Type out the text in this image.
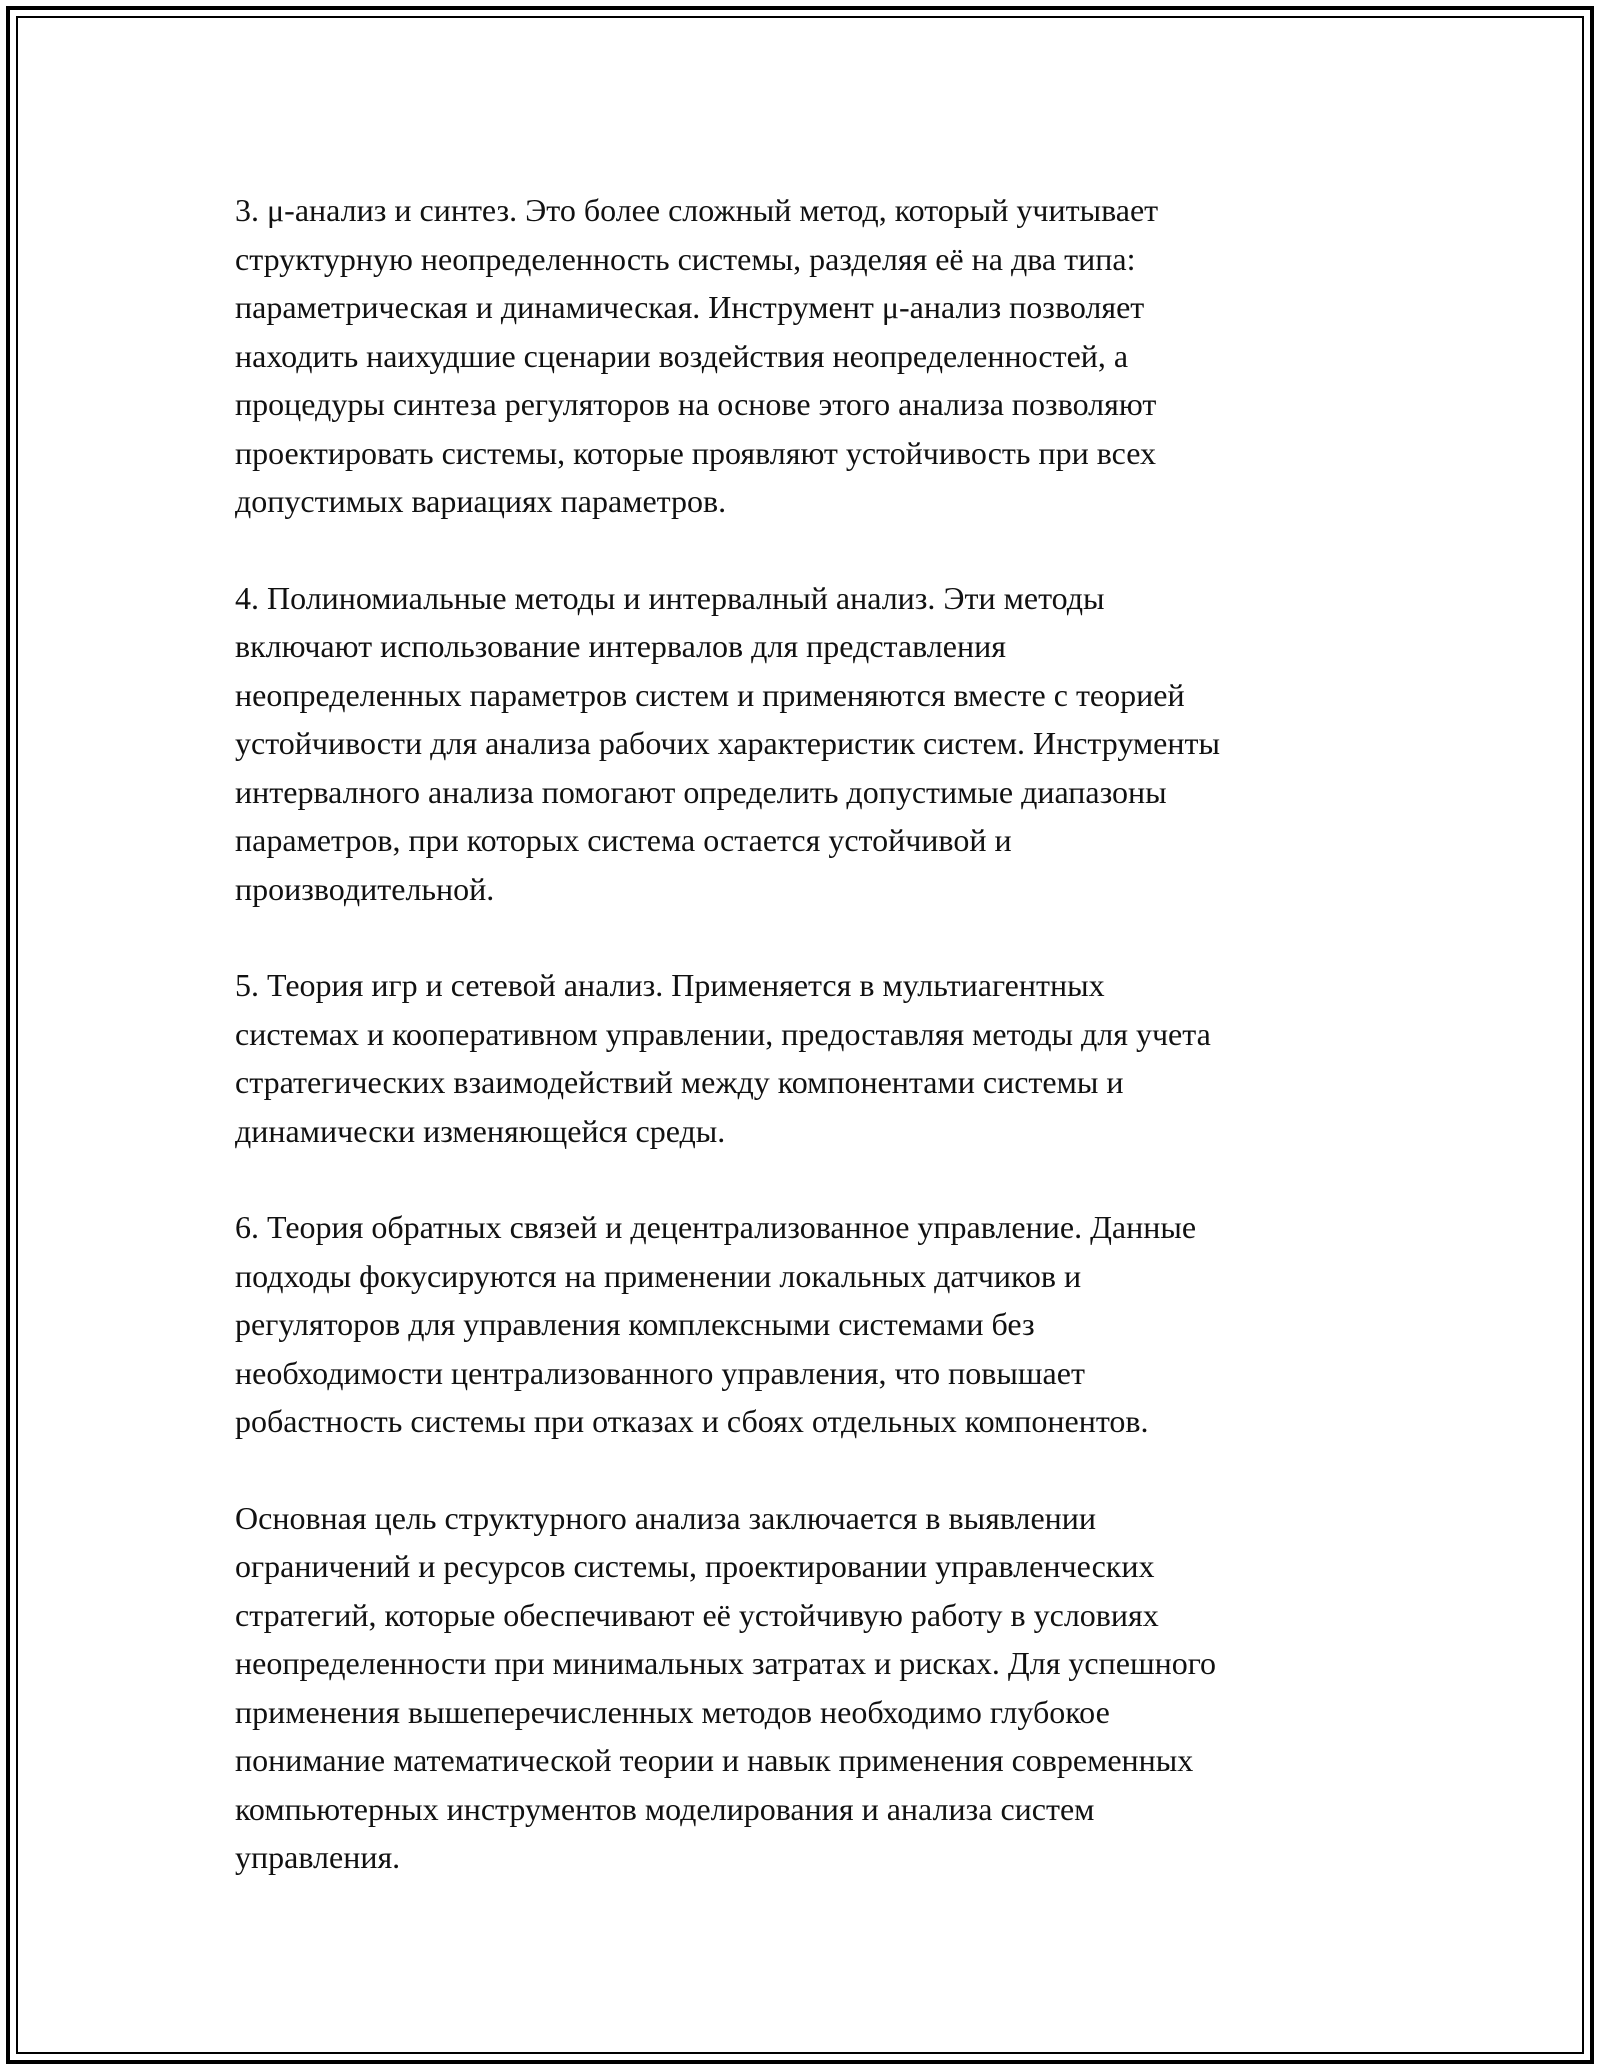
3. μ-анализ и синтез. Это более сложный метод, который учитывает
структурную неопределенность системы, разделяя её на два типа:
параметрическая и динамическая. Инструмент μ-анализ позволяет
находить наихудшие сценарии воздействия неопределенностей, а
процедуры синтеза регуляторов на основе этого анализа позволяют
проектировать системы, которые проявляют устойчивость при всех
допустимых вариациях параметров.
4. Полиномиальные методы и интервалный анализ. Эти методы
включают использование интервалов для представления
неопределенных параметров систем и применяются вместе с теорией
устойчивости для анализа рабочих характеристик систем. Инструменты
интервалного анализа помогают определить допустимые диапазоны
параметров, при которых система остается устойчивой и
производительной.
5. Теория игр и сетевой анализ. Применяется в мультиагентных
системах и кооперативном управлении, предоставляя методы для учета
стратегических взаимодействий между компонентами системы и
динамически изменяющейся среды.
6. Теория обратных связей и децентрализованное управление. Данные
подходы фокусируются на применении локальных датчиков и
регуляторов для управления комплексными системами без
необходимости централизованного управления, что повышает
робастность системы при отказах и сбоях отдельных компонентов.
Основная цель структурного анализа заключается в выявлении
ограничений и ресурсов системы, проектировании управленческих
стратегий, которые обеспечивают её устойчивую работу в условиях
неопределенности при минимальных затратах и рисках. Для успешного
применения вышеперечисленных методов необходимо глубокое
понимание математической теории и навык применения современных
компьютерных инструментов моделирования и анализа систем
управления.
